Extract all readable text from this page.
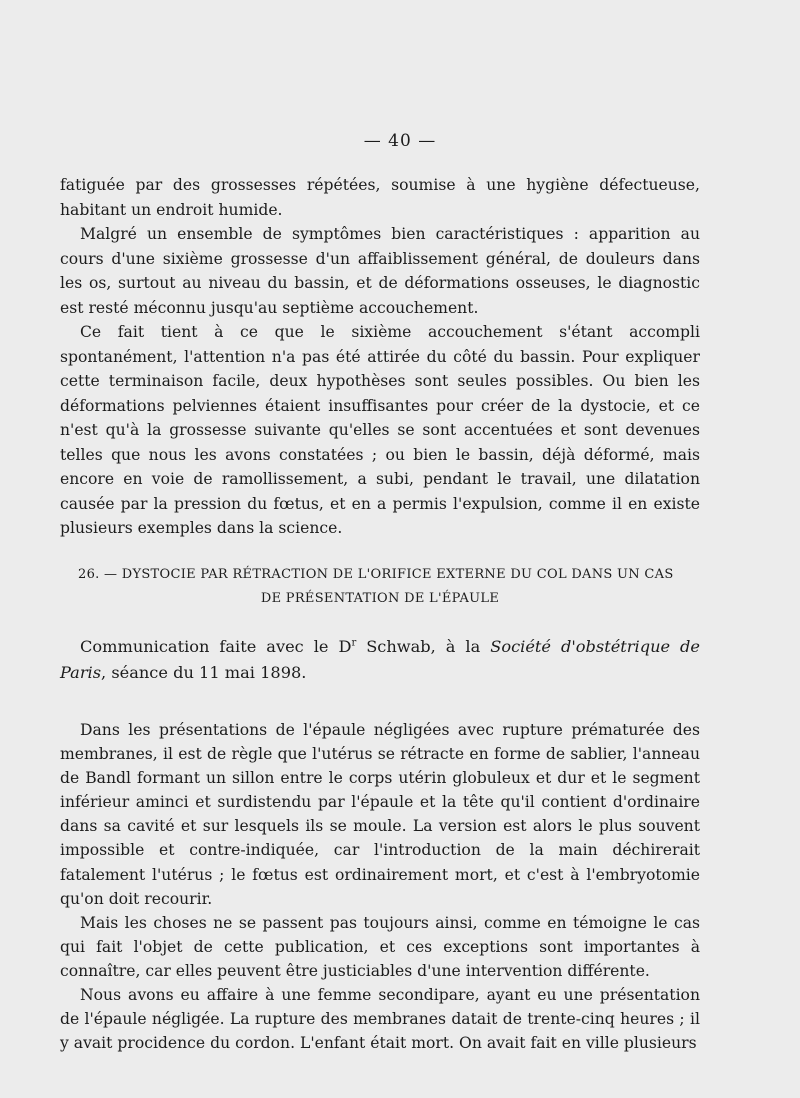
— 40 —

fatiguée par des grossesses répétées, soumise à une hygiène défectueuse, habitant un endroit humide.

Malgré un ensemble de symptômes bien caractéristiques : apparition au cours d'une sixième grossesse d'un affaiblissement général, de douleurs dans les os, surtout au niveau du bassin, et de déformations osseuses, le diagnostic est resté méconnu jusqu'au septième accouchement.

Ce fait tient à ce que le sixième accouchement s'étant accompli spontanément, l'attention n'a pas été attirée du côté du bassin. Pour expliquer cette terminaison facile, deux hypothèses sont seules possibles. Ou bien les déformations pelviennes étaient insuffisantes pour créer de la dystocie, et ce n'est qu'à la grossesse suivante qu'elles se sont accentuées et sont devenues telles que nous les avons constatées ; ou bien le bassin, déjà déformé, mais encore en voie de ramollissement, a subi, pendant le travail, une dilatation causée par la pression du fœtus, et en a permis l'expulsion, comme il en existe plusieurs exemples dans la science.

26. — DYSTOCIE PAR RÉTRACTION DE L'ORIFICE EXTERNE DU COL DANS UN CAS
DE PRÉSENTATION DE L'ÉPAULE

Communication faite avec le $D^r$ Schwab, à la Société d'obstétrique de Paris, séance du 11 mai 1898.

Dans les présentations de l'épaule négligées avec rupture prématurée des membranes, il est de règle que l'utérus se rétracte en forme de sablier, l'anneau de Bandl formant un sillon entre le corps utérin globuleux et dur et le segment inférieur aminci et surdistendu par l'épaule et la tête qu'il contient d'ordinaire dans sa cavité et sur lesquels ils se moule. La version est alors le plus souvent impossible et contre-indiquée, car l'introduction de la main déchirerait fatalement l'utérus ; le fœtus est ordinairement mort, et c'est à l'embryotomie qu'on doit recourir.

Mais les choses ne se passent pas toujours ainsi, comme en témoigne le cas qui fait l'objet de cette publication, et ces exceptions sont importantes à connaître, car elles peuvent être justiciables d'une intervention différente.

Nous avons eu affaire à une femme secondipare, ayant eu une présentation de l'épaule négligée. La rupture des membranes datait de trente-cinq heures ; il y avait procidence du cordon. L'enfant était mort. On avait fait en ville plusieurs
